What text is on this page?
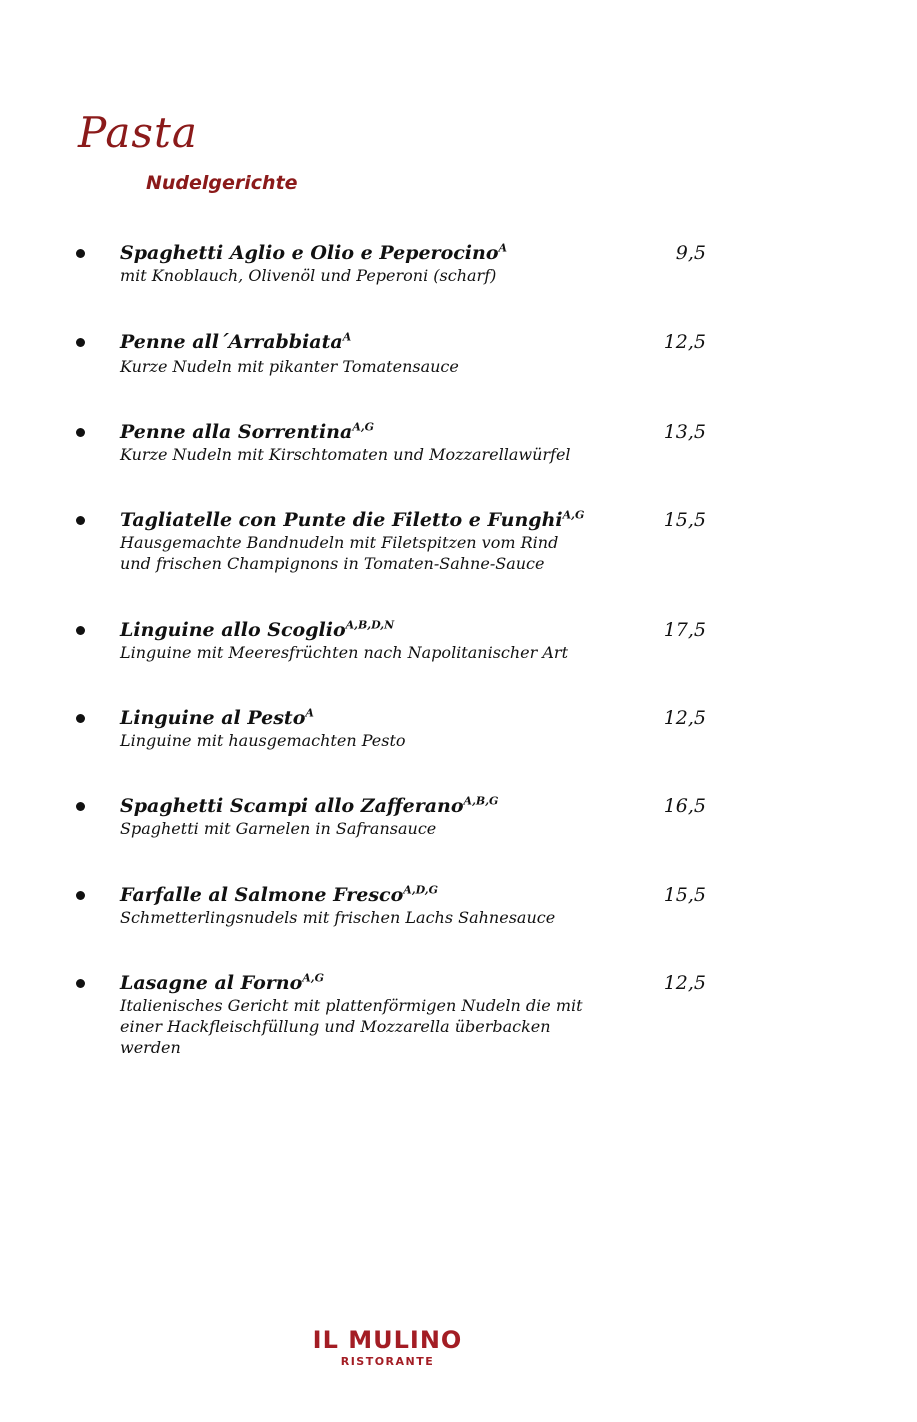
Pasta
Nudelgerichte
Spaghetti Aglio e Olio e Peperocino$^A$	9,5
mit Knoblauch, Olivenöl und Peperoni (scharf)
Penne all´Arrabbiata$^A$	12,5
Kurze Nudeln mit pikanter Tomatensauce
Penne alla Sorrentina$^{A,G}$	13,5
Kurze Nudeln mit Kirschtomaten und Mozzarellawürfel
Tagliatelle con Punte die Filetto e Funghi$^{A,G}$	15,5
Hausgemachte Bandnudeln mit Filetspitzen vom Rind und frischen Champignons in Tomaten-Sahne-Sauce
Linguine allo Scoglio$^{A,B,D,N}$	17,5
Linguine mit Meeresfrüchten nach Napolitanischer Art
Linguine al Pesto$^A$	12,5
Linguine mit hausgemachten Pesto
Spaghetti Scampi allo Zafferano$^{A,B,G}$	16,5
Spaghetti mit Garnelen in Safransauce
Farfalle al Salmone Fresco$^{A,D,G}$	15,5
Schmetterlingsnudels mit frischen Lachs Sahnesauce
Lasagne al Forno$^{A,G}$	12,5
Italienisches Gericht mit plattenförmigen Nudeln die mit einer Hackfleischfüllung und Mozzarella überbacken werden
IL MULINO
RISTORANTE
